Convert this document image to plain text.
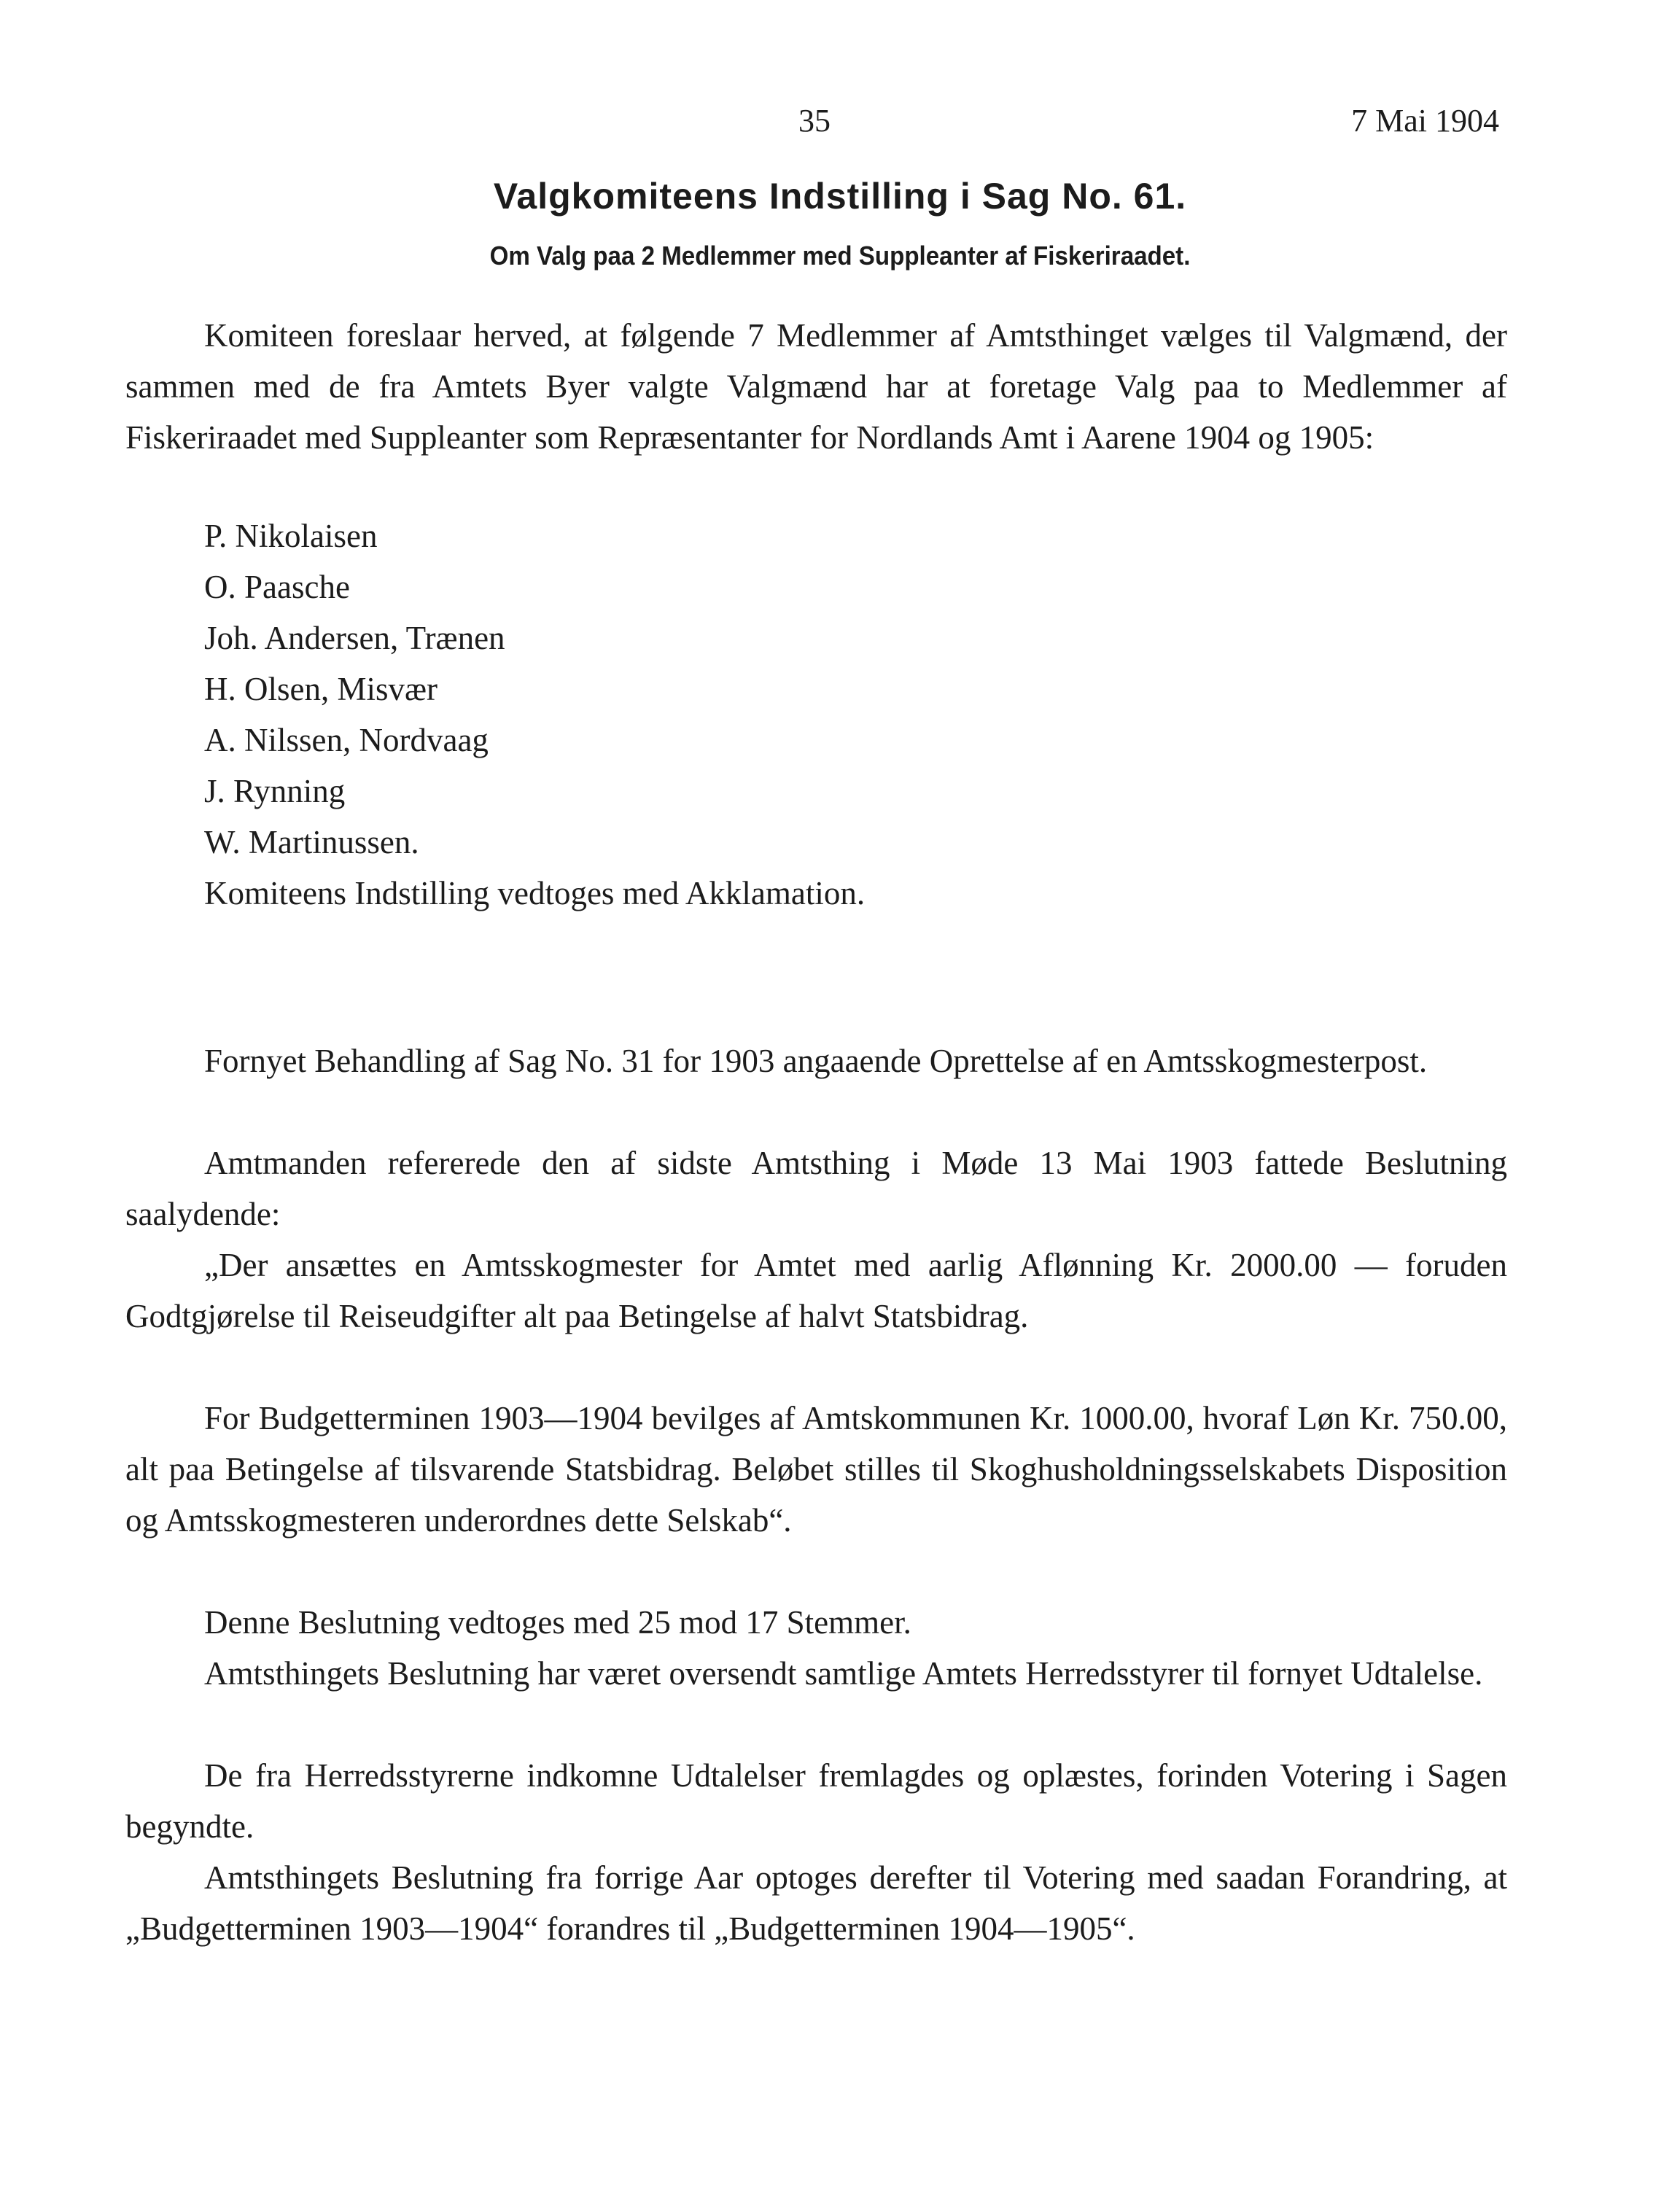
35	7 Mai 1904
Valgkomiteens Indstilling i Sag No. 61.
Om Valg paa 2 Medlemmer med Suppleanter af Fiskeriraadet.
Komiteen foreslaar herved, at følgende 7 Medlemmer af Amtsthinget vælges til Valgmænd, der sammen med de fra Amtets Byer valgte Valgmænd har at foretage Valg paa to Medlemmer af Fiskeriraadet med Suppleanter som Repræsentanter for Nordlands Amt i Aarene 1904 og 1905:
P. Nikolaisen
O. Paasche
Joh. Andersen, Trænen
H. Olsen, Misvær
A. Nilssen, Nordvaag
J. Rynning
W. Martinussen.
Komiteens Indstilling vedtoges med Akklamation.
Fornyet Behandling af Sag No. 31 for 1903 angaaende Oprettelse af en Amtsskogmesterpost.
Amtmanden refererede den af sidste Amtsthing i Møde 13 Mai 1903 fattede Beslutning saalydende:
„Der ansættes en Amtsskogmester for Amtet med aarlig Aflønning Kr. 2000.00 — foruden Godtgjørelse til Reiseudgifter alt paa Betingelse af halvt Statsbidrag.
For Budgetterminen 1903—1904 bevilges af Amtskommunen Kr. 1000.00, hvoraf Løn Kr. 750.00, alt paa Betingelse af tilsvarende Statsbidrag. Beløbet stilles til Skoghusholdningsselskabets Disposition og Amtsskogmesteren underordnes dette Selskab“.
Denne Beslutning vedtoges med 25 mod 17 Stemmer.
Amtsthingets Beslutning har været oversendt samtlige Amtets Herredsstyrer til fornyet Udtalelse.
De fra Herredsstyrerne indkomne Udtalelser fremlagdes og oplæstes, forinden Votering i Sagen begyndte.
Amtsthingets Beslutning fra forrige Aar optoges derefter til Votering med saadan Forandring, at „Budgetterminen 1903—1904“ forandres til „Budgetterminen 1904—1905“.
